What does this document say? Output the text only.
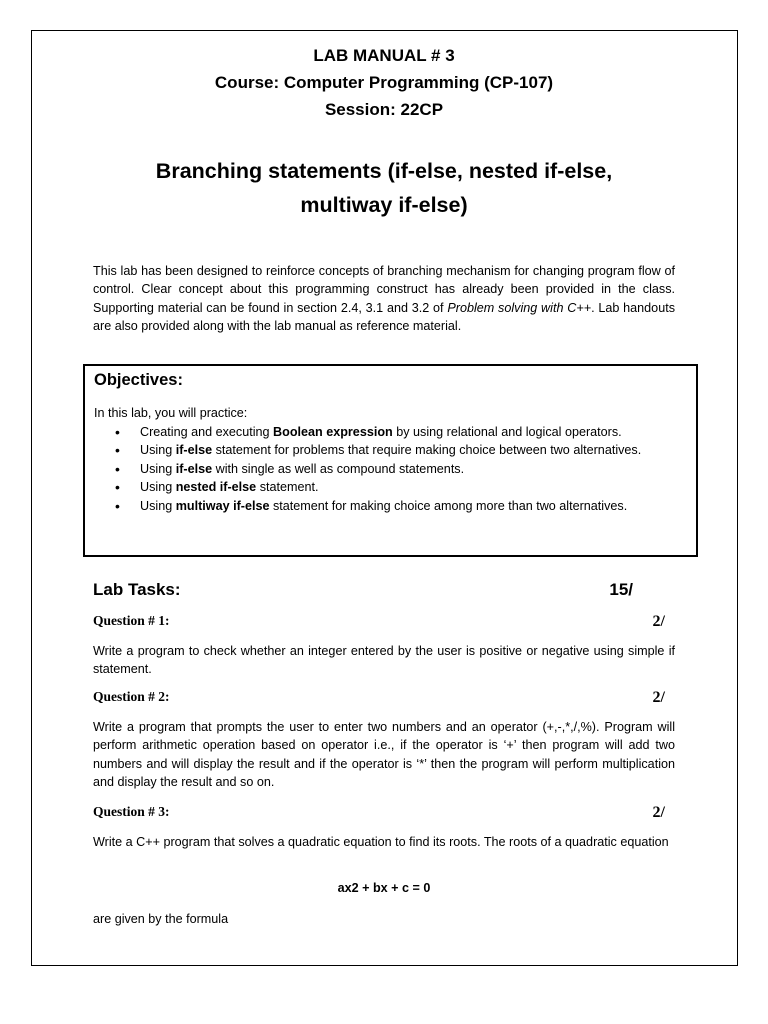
LAB MANUAL # 3
Course: Computer Programming (CP-107)
Session: 22CP
Branching statements (if-else, nested if-else,
multiway if-else)

This lab has been designed to reinforce concepts of branching mechanism for changing program flow of control. Clear concept about this programming construct has already been provided in the class. Supporting material can be found in section 2.4, 3.1 and 3.2 of Problem solving with C++. Lab handouts are also provided along with the lab manual as reference material.

Objectives:
In this lab, you will practice:
• Creating and executing Boolean expression by using relational and logical operators.
• Using if-else statement for problems that require making choice between two alternatives.
• Using if-else with single as well as compound statements.
• Using nested if-else statement.
• Using multiway if-else statement for making choice among more than two alternatives.
Lab Tasks:	15/
Question # 1:	2/

Write a program to check whether an integer entered by the user is positive or negative using simple if statement.

Question # 2:	2/

Write a program that prompts the user to enter two numbers and an operator (+,-,*,/,%). Program will perform arithmetic operation based on operator i.e., if the operator is ‘+’ then program will add two numbers and will display the result and if the operator is ‘*’ then the program will perform multiplication and display the result and so on.

Question # 3:	2/

Write a C++ program that solves a quadratic equation to find its roots. The roots of a quadratic equation

ax2 + bx + c = 0

are given by the formula
